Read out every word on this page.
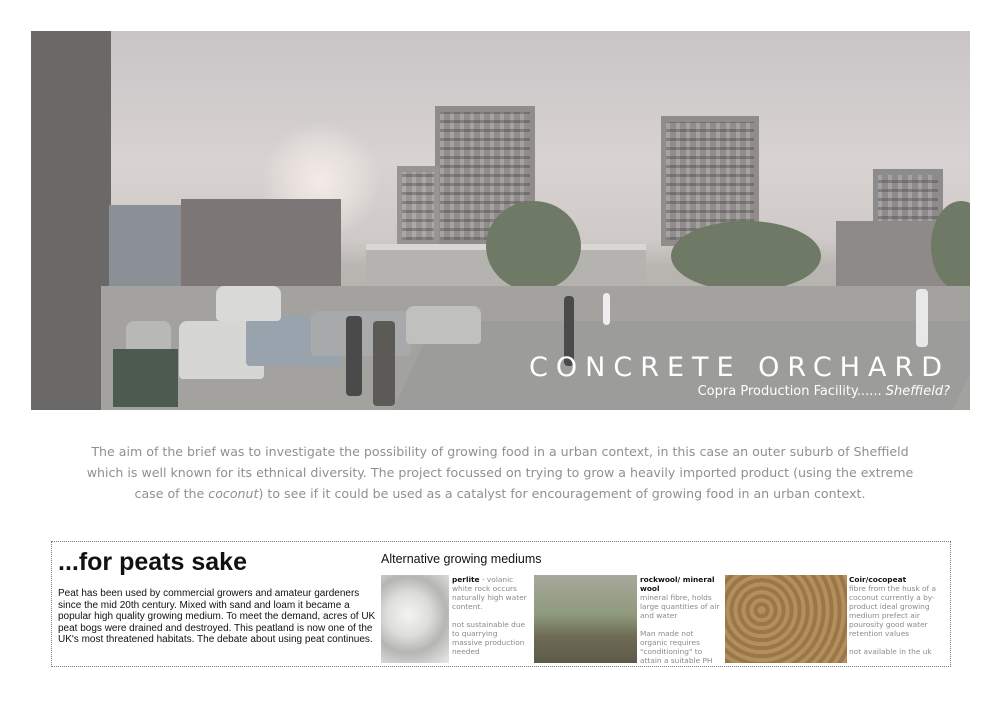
CONCRETE ORCHARD
Copra Production Facility...... Sheffield?
The aim of the brief was to investigate the possibility of growing food in a urban context, in this case an outer suburb of Sheffield which is well known for its ethnical diversity. The project focussed on trying to grow a heavily imported product (using the extreme case of the coconut) to see if it could be used as a catalyst for encouragement of growing food in an urban context.
...for peats sake

Peat has been used by commercial growers and amateur gardeners since the mid 20th century. Mixed with sand and loam it became a popular high quality growing medium. To meet the demand, acres of UK peat bogs were drained and destroyed. This peatland is now one of the UK's most threatened habitats. The debate about using peat continues.

Alternative growing mediums
perlite - volanic white rock occurs naturally high water content.
not sustainable due to quarrying massive production needed
rockwool/ mineral wool
mineral fibre, holds large quantities of air and water
Man made not organic requires "conditioning" to attain a suitable PH
Coir/cocopeat
fibre from the husk of a coconut currently a by-product ideal growing medium prefect air pourosity good water retention values
not available in the uk
